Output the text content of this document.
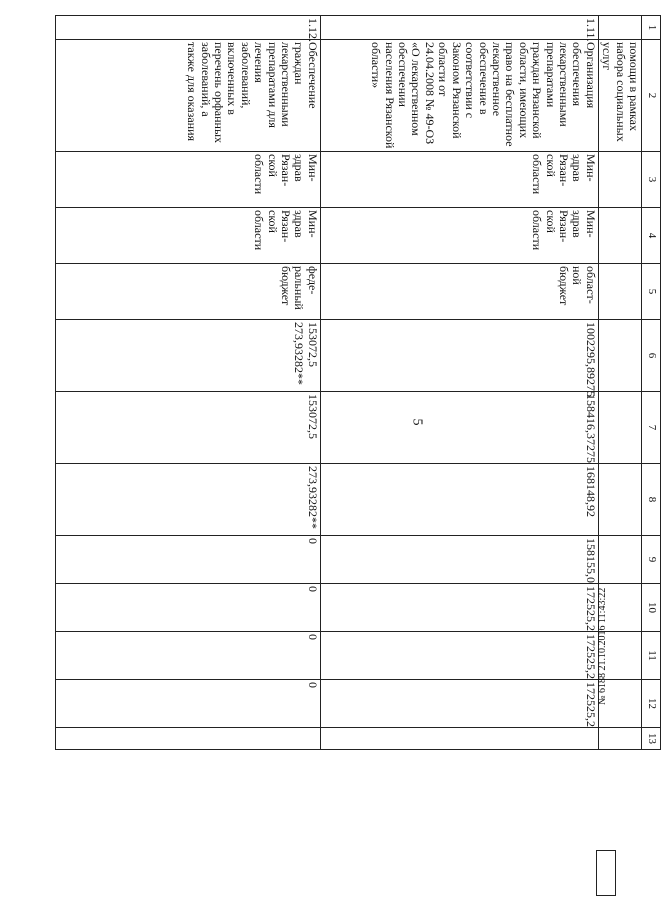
5
1	2	3	4	5	6	7	8	9	10	11	12	13
	помощи в рамках набора социальных услуг											
1.11.	Организация обеспечения лекарственными препаратами граждан Рязанской области, имеющих право на бесплатное лекарственное обеспечение в соответствии с Законом Рязанской области от 24.04.2008 № 49-ОЗ «О лекарственном обеспечении населения Рязанской области»	Мин-здрав Рязан-ской области	Мин-здрав Рязан-ской области	област-ной бюджет	1002295,89275	158416,37275	168148,92	158155,0	172525,2	172525,2	172525,2	
1.12.	Обеспечение граждан лекарственными препаратами для лечения заболеваний, включенных в перечень орфанных заболеваний, а также для оказания	Мин-здрав Рязан-ской области	Мин-здрав Рязан-ской области	феде-ральный бюджет	153072,5 273,93282**	153072,5	273,93282**	0	0	0	0		№ 6188 21.10.2016 11:43:22
